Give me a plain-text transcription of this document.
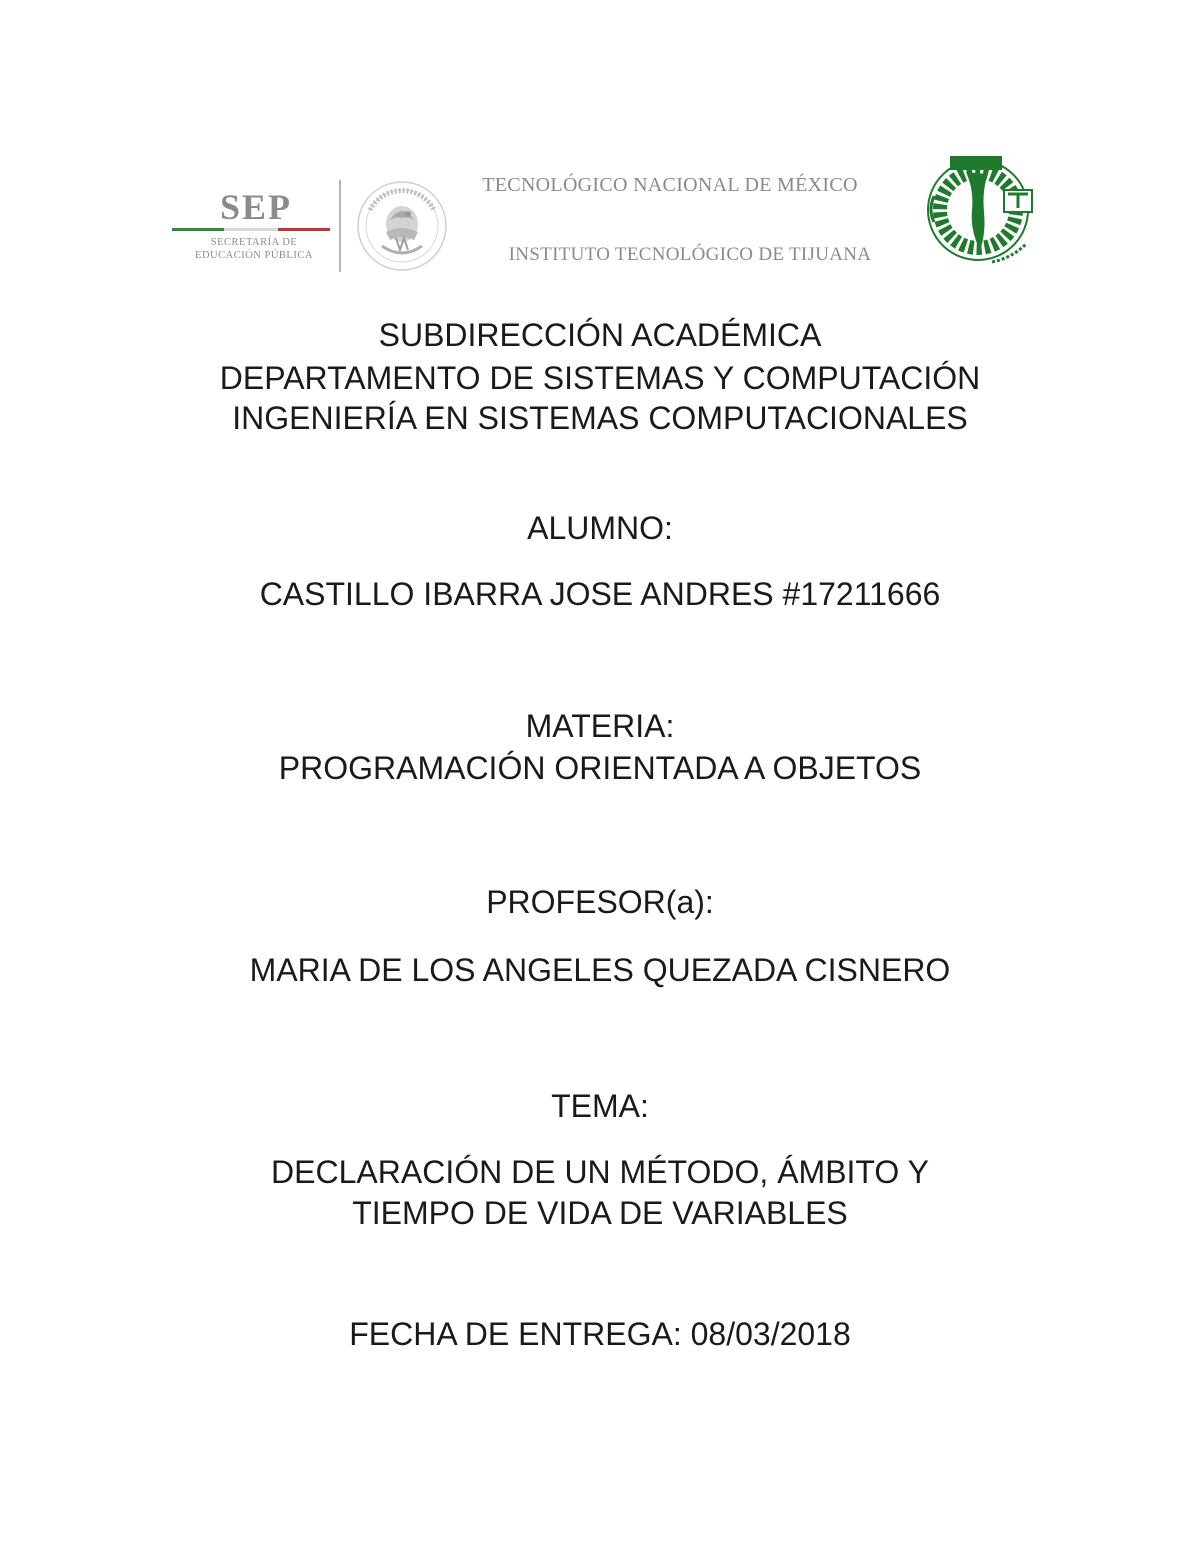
SEP
SECRETARÍA DE
EDUCACIÓN PÚBLICA
TECNOLÓGICO NACIONAL DE MÉXICO
INSTITUTO TECNOLÓGICO DE TIJUANA
SUBDIRECCIÓN ACADÉMICA
DEPARTAMENTO DE SISTEMAS Y COMPUTACIÓN
INGENIERÍA EN SISTEMAS COMPUTACIONALES
ALUMNO:
CASTILLO IBARRA JOSE ANDRES #17211666
MATERIA:
PROGRAMACIÓN ORIENTADA A OBJETOS
PROFESOR(a):
MARIA DE LOS ANGELES QUEZADA CISNERO
TEMA:
DECLARACIÓN DE UN MÉTODO, ÁMBITO Y
TIEMPO DE VIDA DE VARIABLES
FECHA DE ENTREGA: 08/03/2018
